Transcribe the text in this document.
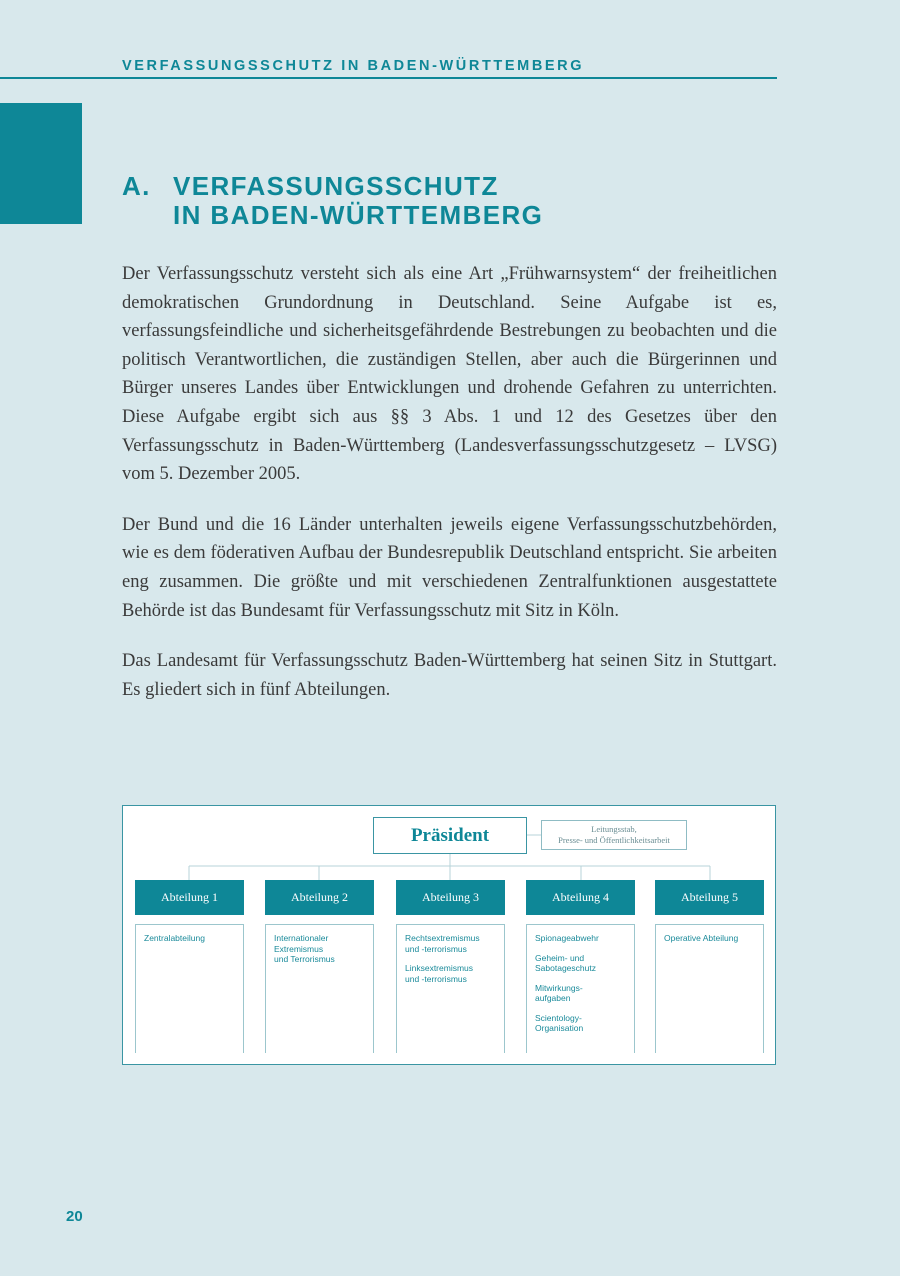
VERFASSUNGSSCHUTZ IN BADEN-WÜRTTEMBERG
A. VERFASSUNGSSCHUTZ
IN BADEN-WÜRTTEMBERG

Der Verfassungsschutz versteht sich als eine Art „Frühwarnsystem“ der freiheitlichen demokratischen Grundordnung in Deutschland. Seine Aufgabe ist es, verfassungsfeindliche und sicherheitsgefährdende Bestrebungen zu beobachten und die politisch Verantwortlichen, die zuständigen Stellen, aber auch die Bürgerinnen und Bürger unseres Landes über Entwicklungen und drohende Gefahren zu unterrichten. Diese Aufgabe ergibt sich aus §§ 3 Abs. 1 und 12 des Gesetzes über den Verfassungsschutz in Baden-Württemberg (Landesverfassungsschutzgesetz – LVSG) vom 5. Dezember 2005.

Der Bund und die 16 Länder unterhalten jeweils eigene Verfassungsschutzbehörden, wie es dem föderativen Aufbau der Bundesrepublik Deutschland entspricht. Sie arbeiten eng zusammen. Die größte und mit verschiedenen Zentralfunktionen ausgestattete Behörde ist das Bundesamt für Verfassungsschutz mit Sitz in Köln.

Das Landesamt für Verfassungsschutz Baden-Württemberg hat seinen Sitz in Stuttgart. Es gliedert sich in fünf Abteilungen.

Präsident	Leitungsstab,
Presse- und Öffentlichkeitsarbeit
Abteilung 1	Abteilung 2	Abteilung 3	Abteilung 4	Abteilung 5
Zentralabteilung	Internationaler
Extremismus
und Terrorismus
Rechtsextremismus
und -terrorismus
Linksextremismus
und -terrorismus
Spionageabwehr
Geheim- und
Sabotageschutz
Mitwirkungs-
aufgaben
Scientology-
Organisation
Operative Abteilung
20
